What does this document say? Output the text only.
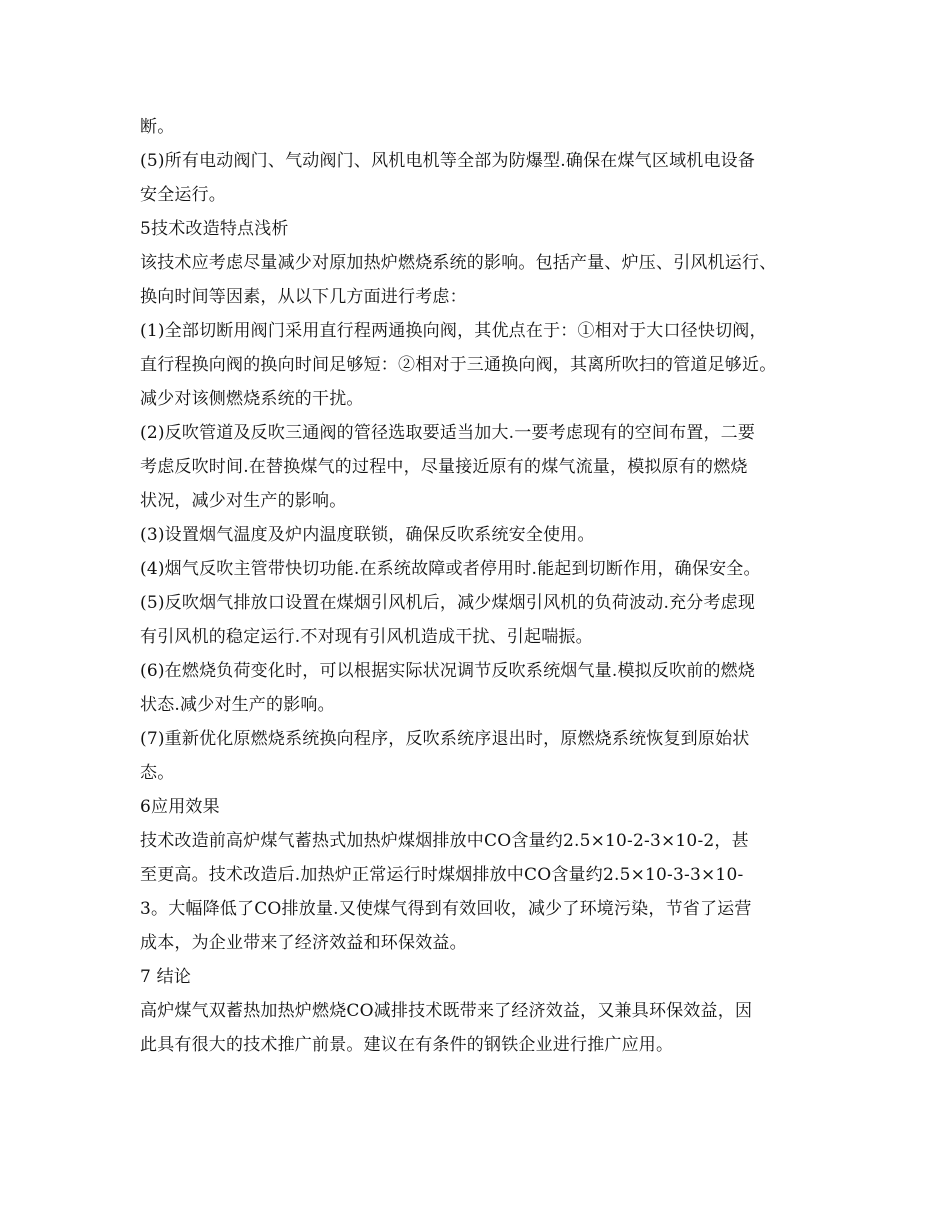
断。
(5)所有电动阀门、气动阀门、风机电机等全部为防爆型.确保在煤气区域机电设备
安全运行。
5技术改造特点浅析
该技术应考虑尽量减少对原加热炉燃烧系统的影响。包括产量、炉压、引风机运行、
换向时间等因素，从以下几方面进行考虑：
(1)全部切断用阀门采用直行程两通换向阀，其优点在于：①相对于大口径快切阀，
直行程换向阀的换向时间足够短：②相对于三通换向阀，其离所吹扫的管道足够近。
减少对该侧燃烧系统的干扰。
(2)反吹管道及反吹三通阀的管径选取要适当加大.一要考虑现有的空间布置，二要
考虑反吹时间.在替换煤气的过程中，尽量接近原有的煤气流量，模拟原有的燃烧
状况，减少对生产的影响。
(3)设置烟气温度及炉内温度联锁，确保反吹系统安全使用。
(4)烟气反吹主管带快切功能.在系统故障或者停用时.能起到切断作用，确保安全。
(5)反吹烟气排放口设置在煤烟引风机后，减少煤烟引风机的负荷波动.充分考虑现
有引风机的稳定运行.不对现有引风机造成干扰、引起喘振。
(6)在燃烧负荷变化时，可以根据实际状况调节反吹系统烟气量.模拟反吹前的燃烧
状态.减少对生产的影响。
(7)重新优化原燃烧系统换向程序，反吹系统序退出时，原燃烧系统恢复到原始状
态。
6应用效果
技术改造前高炉煤气蓄热式加热炉煤烟排放中CO含量约2.5×10-2-3×10-2，甚
至更高。技术改造后.加热炉正常运行时煤烟排放中CO含量约2.5×10-3-3×10-
3。大幅降低了CO排放量.又使煤气得到有效回收，减少了环境污染，节省了运营
成本，为企业带来了经济效益和环保效益。
7 结论
高炉煤气双蓄热加热炉燃烧CO减排技术既带来了经济效益，又兼具环保效益，因
此具有很大的技术推广前景。建议在有条件的钢铁企业进行推广应用。
